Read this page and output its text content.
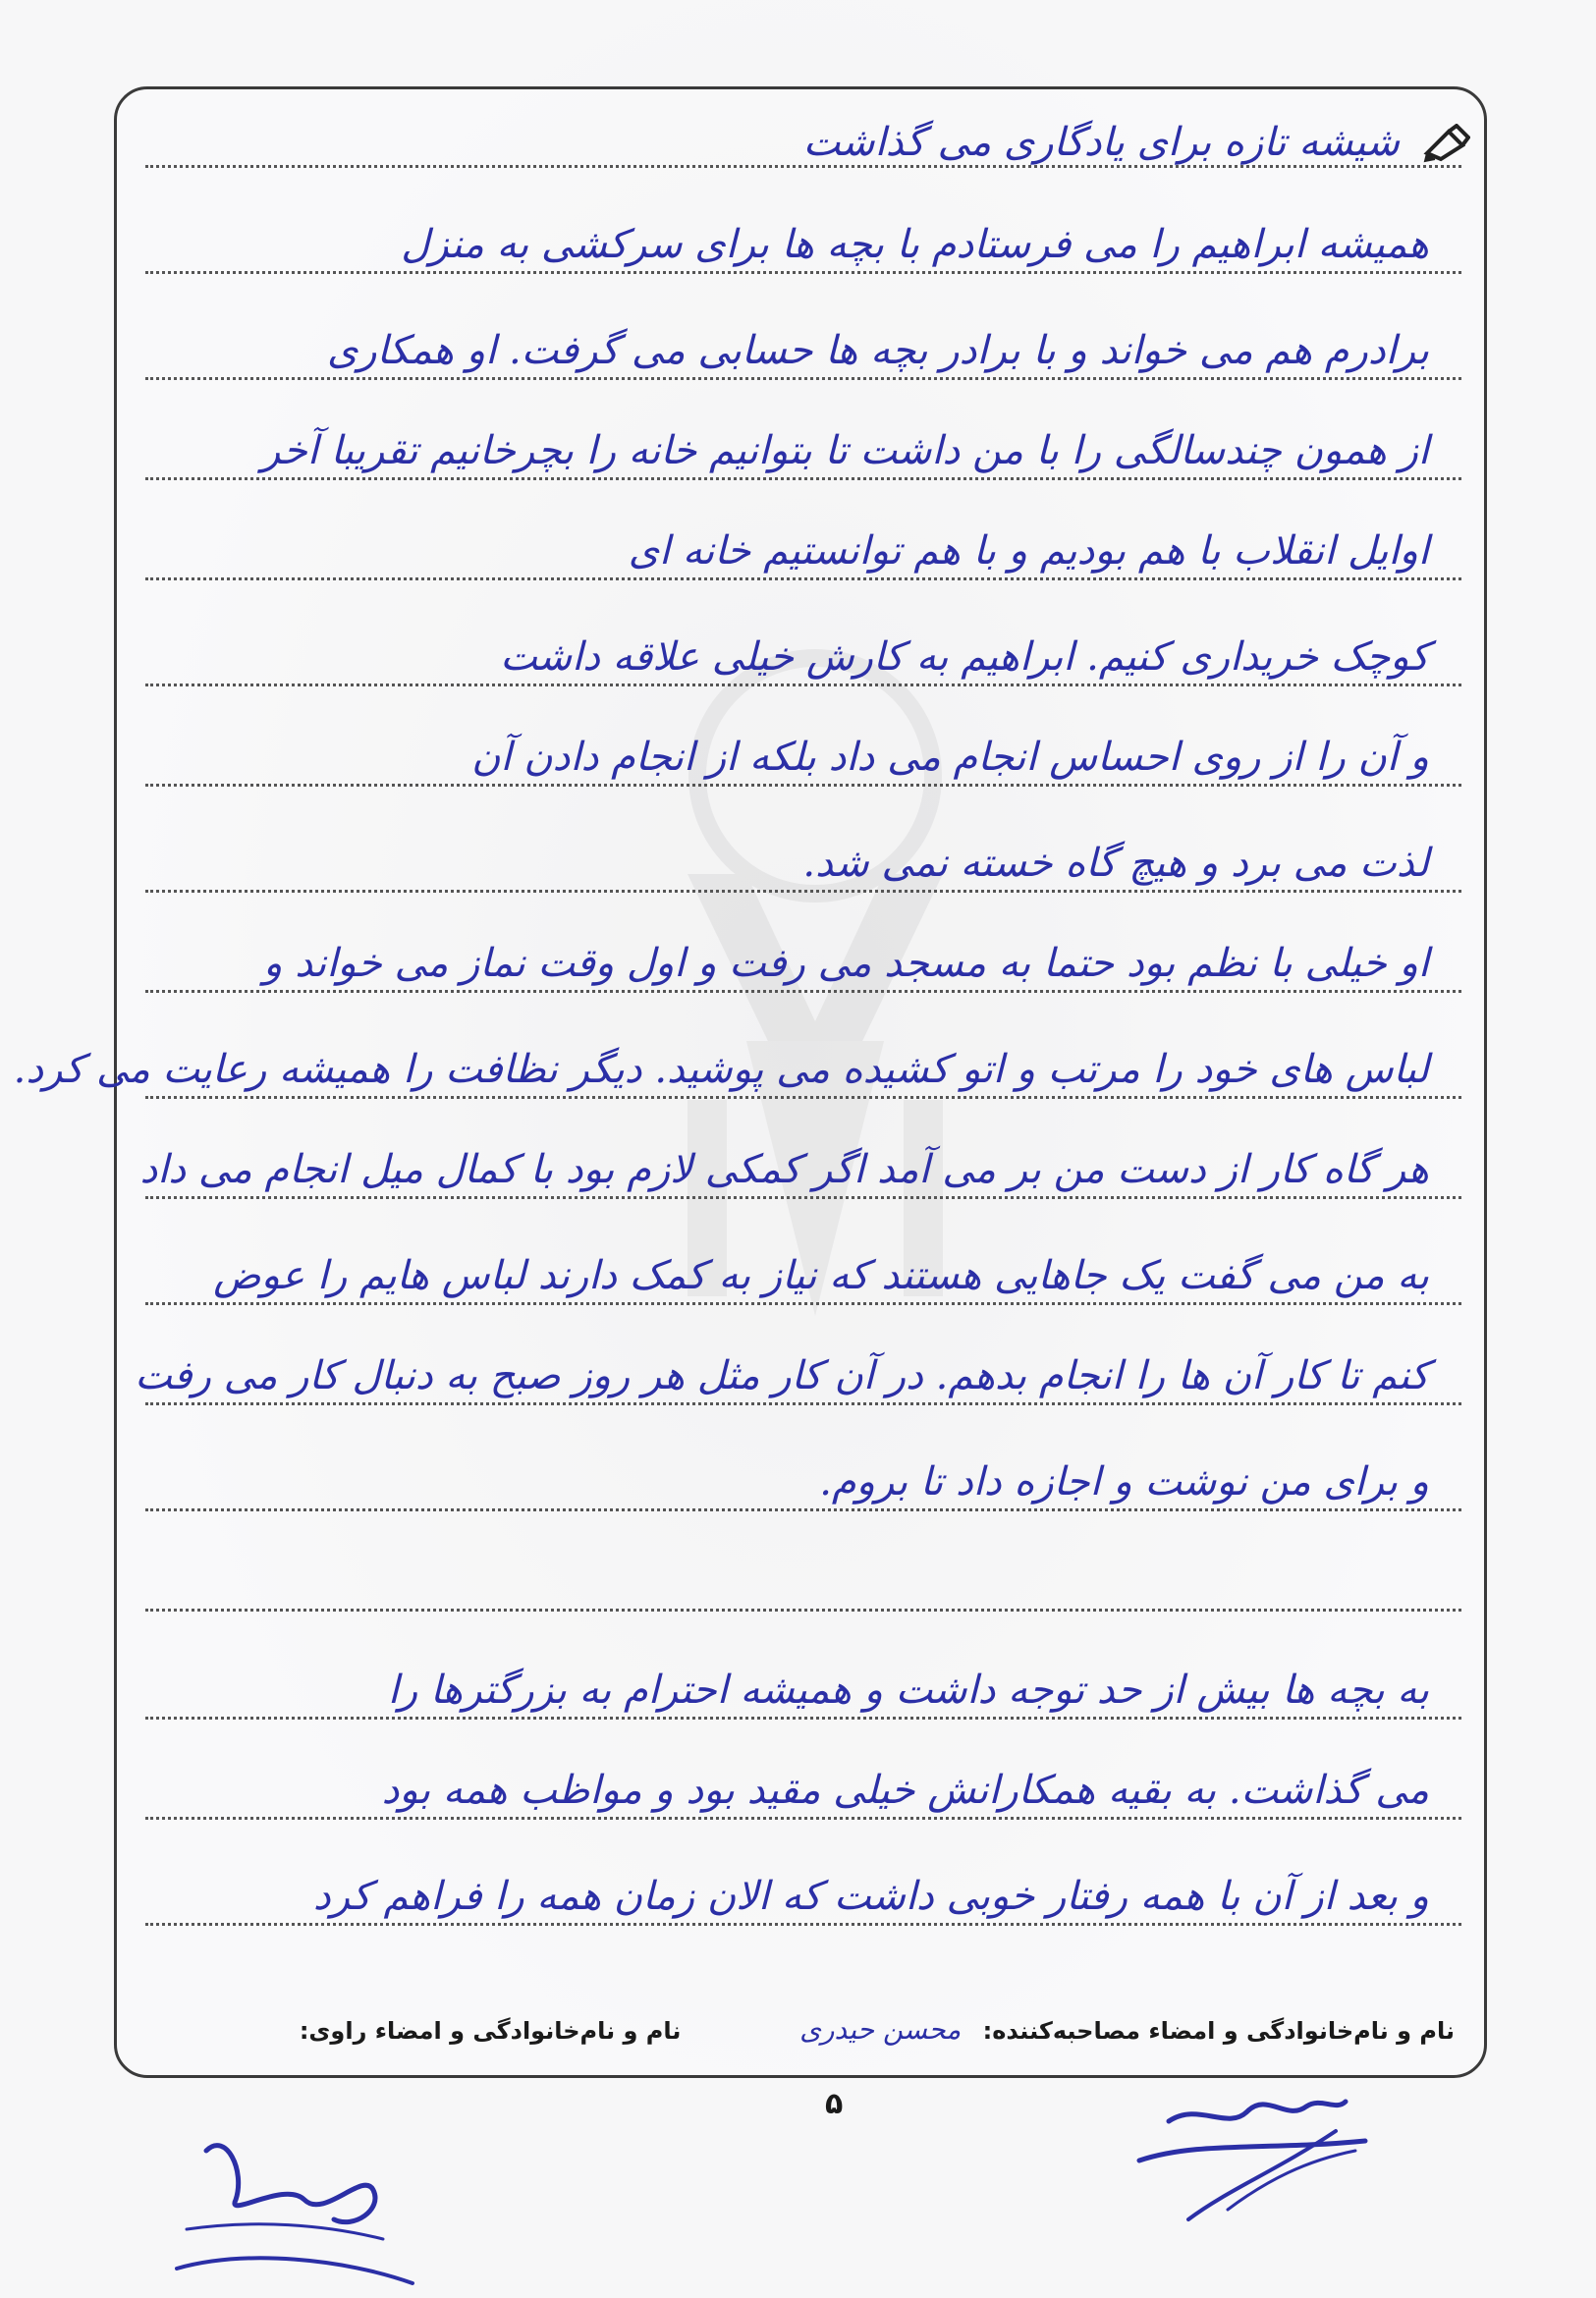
شیشه تازه برای یادگاری می گذاشت
همیشه ابراهیم را می فرستادم با بچه ها برای سرکشی به منزل
برادرم هم می خواند و با برادر بچه ها حسابی می گرفت. او همکاری
از همون چندسالگی را با من داشت تا بتوانیم خانه را بچرخانیم تقریبا آخر
اوایل انقلاب با هم بودیم و با هم توانستیم خانه ای
کوچک خریداری کنیم. ابراهیم به کارش خیلی علاقه داشت
و آن را از روی احساس انجام می داد بلکه از انجام دادن آن
لذت می برد و هیچ گاه خسته نمی شد.
او خیلی با نظم بود حتما به مسجد می رفت و اول وقت نماز می خواند و
لباس های خود را مرتب و اتو کشیده می پوشید. دیگر نظافت را همیشه رعایت می کرد.
هر گاه کار از دست من بر می آمد اگر کمکی لازم بود با کمال میل انجام می داد
به من می گفت یک جاهایی هستند که نیاز به کمک دارند لباس هایم را عوض
کنم تا کار آن ها را انجام بدهم. در آن کار مثل هر روز صبح به دنبال کار می رفت
و برای من نوشت و اجازه داد تا بروم.
به بچه ها بیش از حد توجه داشت و همیشه احترام به بزرگترها را
می گذاشت. به بقیه همکارانش خیلی مقید بود و مواظب همه بود
و بعد از آن با همه رفتار خوبی داشت که الان زمان همه را فراهم کرد
نام و نام‌خانوادگی و امضاء مصاحبه‌کننده: محسن حیدری  نام و نام‌خانوادگی و امضاء راوی:
۵
